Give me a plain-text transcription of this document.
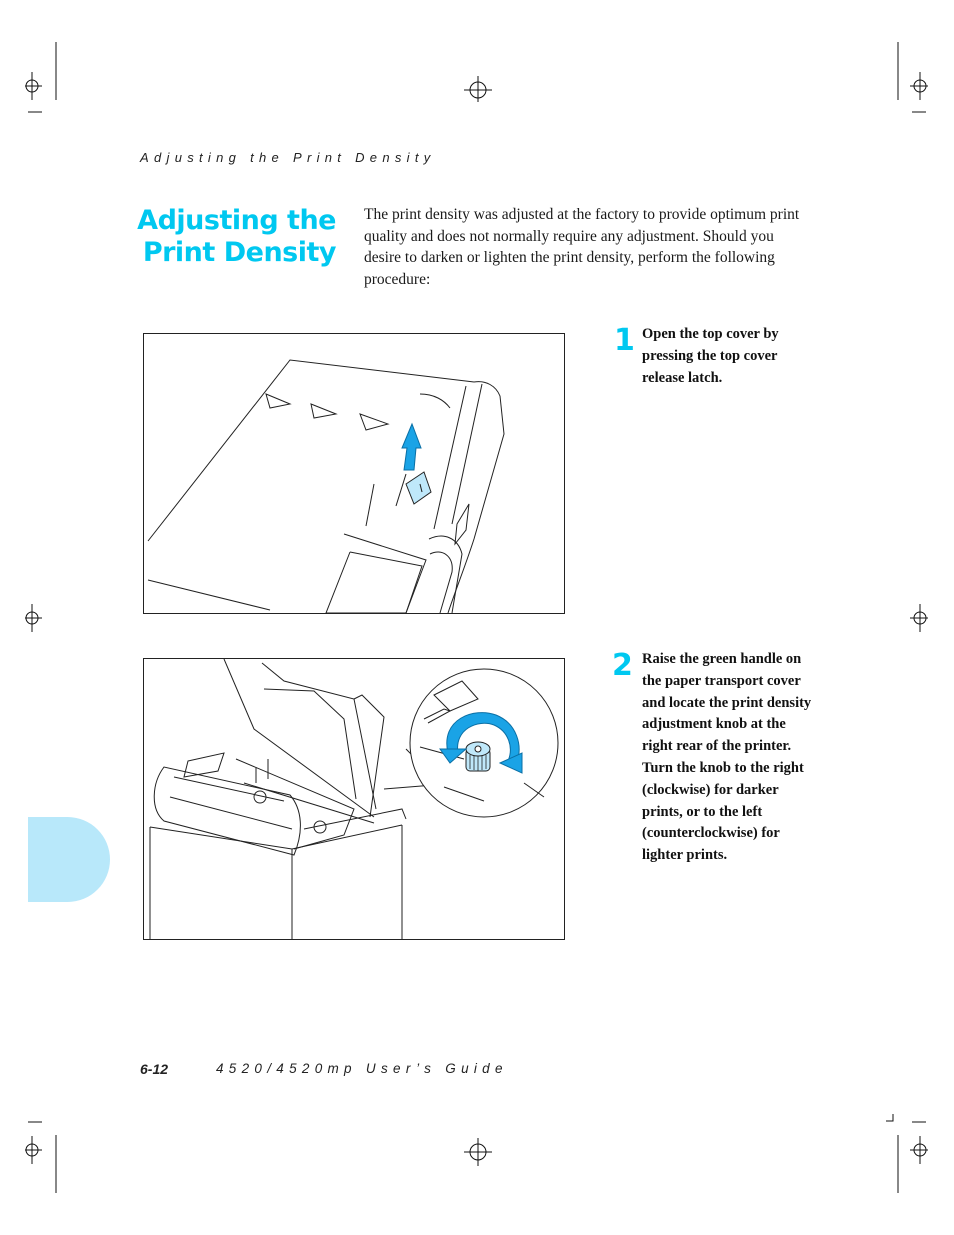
Adjusting the Print Density
Adjusting the
Print Density
The print density was adjusted at the factory to provide optimum print quality and does not normally require any adjustment. Should you desire to darken or lighten the print density, perform the following procedure:
1 Open the top cover by pressing the top cover release latch.
2 Raise the green handle on the paper transport cover and locate the print density adjustment knob at the right rear of the printer. Turn the knob to the right (clockwise) for darker prints, or to the left (counterclockwise) for lighter prints.
6-12	4520/4520mp User’s Guide
